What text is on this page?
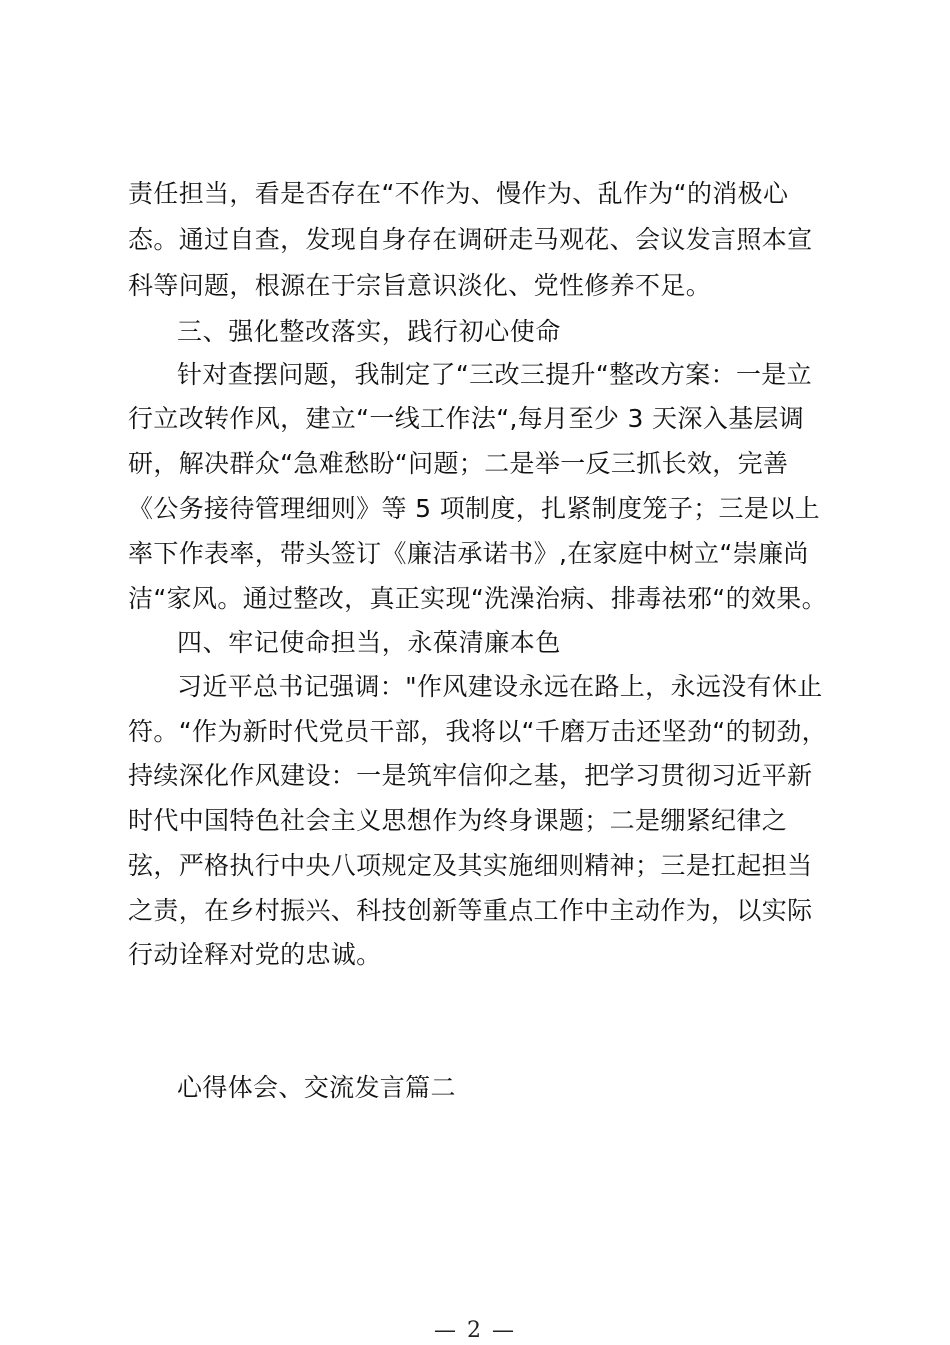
责任担当，看是否存在“不作为、慢作为、乱作为“的消极心
态。通过自查，发现自身存在调研走马观花、会议发言照本宣
科等问题，根源在于宗旨意识淡化、党性修养不足。
三、强化整改落实，践行初心使命
针对查摆问题，我制定了“三改三提升“整改方案：一是立
行立改转作风，建立“一线工作法“,每月至少 3 天深入基层调
研，解决群众“急难愁盼“问题；二是举一反三抓长效，完善
《公务接待管理细则》等 5 项制度，扎紧制度笼子；三是以上
率下作表率，带头签订《廉洁承诺书》,在家庭中树立“崇廉尚
洁“家风。通过整改，真正实现“洗澡治病、排毒祛邪“的效果。
四、牢记使命担当，永葆清廉本色
习近平总书记强调："作风建设永远在路上，永远没有休止
符。“作为新时代党员干部，我将以“千磨万击还坚劲“的韧劲，
持续深化作风建设：一是筑牢信仰之基，把学习贯彻习近平新
时代中国特色社会主义思想作为终身课题；二是绷紧纪律之
弦，严格执行中央八项规定及其实施细则精神；三是扛起担当
之责，在乡村振兴、科技创新等重点工作中主动作为，以实际
行动诠释对党的忠诚。
心得体会、交流发言篇二
— 2 —
